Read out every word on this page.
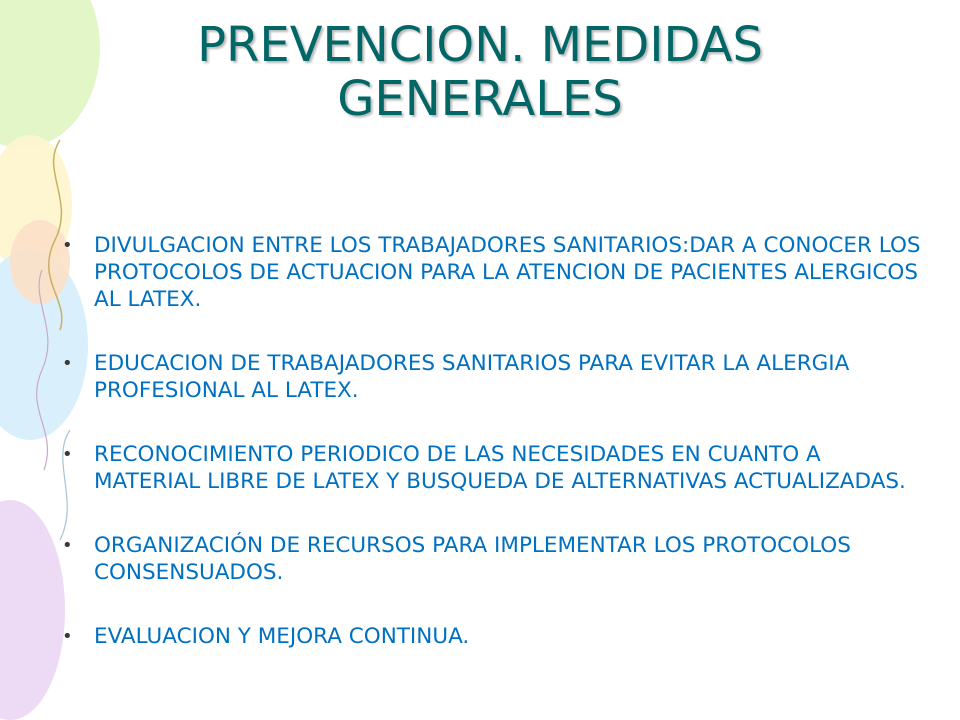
PREVENCION. MEDIDAS
GENERALES
• DIVULGACION ENTRE LOS TRABAJADORES SANITARIOS:DAR A CONOCER LOS PROTOCOLOS DE ACTUACION PARA LA ATENCION DE PACIENTES ALERGICOS AL LATEX.
• EDUCACION DE TRABAJADORES SANITARIOS PARA EVITAR LA ALERGIA PROFESIONAL AL LATEX.
• RECONOCIMIENTO PERIODICO DE LAS NECESIDADES EN CUANTO A MATERIAL LIBRE DE LATEX Y BUSQUEDA DE ALTERNATIVAS ACTUALIZADAS.
• ORGANIZACIÓN DE RECURSOS PARA IMPLEMENTAR LOS PROTOCOLOS CONSENSUADOS.
• EVALUACION Y MEJORA CONTINUA.
